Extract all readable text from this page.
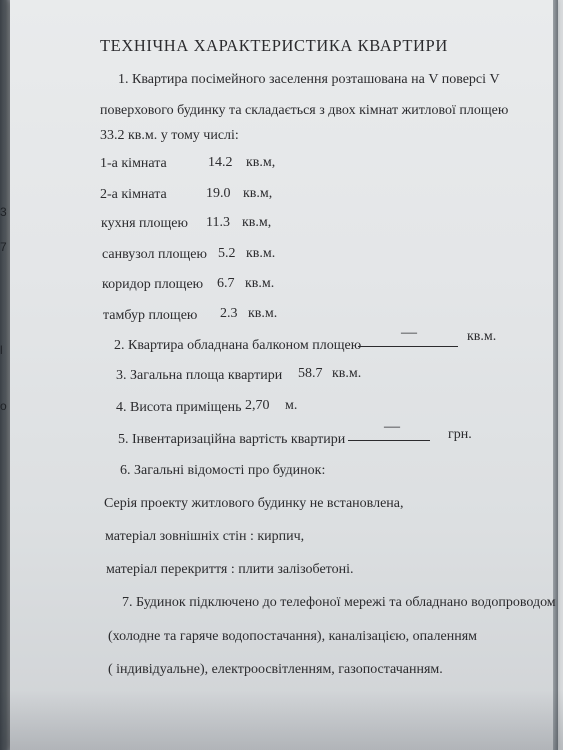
ТЕХНІЧНА ХАРАКТЕРИСТИКА КВАРТИРИ
1. Квартира посімейного заселення розташована на V поверсі V
поверхового будинку та складається з двох кімнат житлової площею
33.2 кв.м. у тому числі:
1-а кімната	14.2 кв.м,
2-а кімната	19.0 кв.м,
кухня площею 11.3 кв.м,
санвузол площею 5.2 кв.м.
коридор площею 6.7 кв.м.
тамбур площею 2.3 кв.м.
2. Квартира обладнана балконом площею
—	кв.м.
3. Загальна площа квартири 58.7 кв.м.
4. Висота приміщень 2,70 м.
5. Інвентаризаційна вартість квартири
—	грн.
6. Загальні відомості про будинок:
Серія проекту житлового будинку не встановлена,
матеріал зовнішніх стін : кирпич,
матеріал перекриття : плити залізобетоні.
7. Будинок підключено до телефоної мережі та обладнано водопроводом
(холодне та гаряче водопостачання), каналізацією, опаленням
( індивідуальне), електроосвітленням, газопостачанням.
3
7
l
o
